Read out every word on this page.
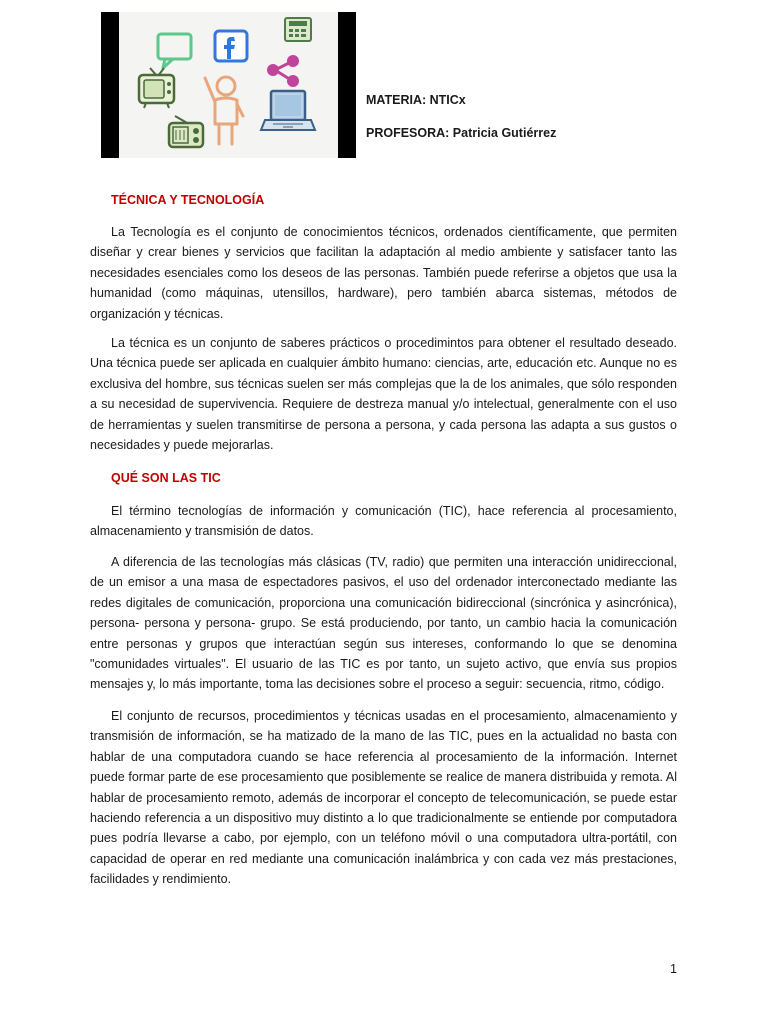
MATERIA: NTICx
PROFESORA: Patricia Gutiérrez
TÉCNICA Y TECNOLOGÍA

La Tecnología es el conjunto de conocimientos técnicos, ordenados científicamente, que permiten diseñar y crear bienes y servicios que facilitan la adaptación al medio ambiente y satisfacer tanto las necesidades esenciales como los deseos de las personas. También puede referirse a objetos que usa la humanidad (como máquinas, utensillos, hardware), pero también abarca sistemas, métodos de organización y técnicas.

La técnica es un conjunto de saberes prácticos o procedimintos para obtener el resultado deseado. Una técnica puede ser aplicada en cualquier ámbito humano: ciencias, arte, educación etc. Aunque no es exclusiva del hombre, sus técnicas suelen ser más complejas que la de los animales, que sólo responden a su necesidad de supervivencia. Requiere de destreza manual y/o intelectual, generalmente con el uso de herramientas y suelen transmitirse de persona a persona, y cada persona las adapta a sus gustos o necesidades y puede mejorarlas.

QUÉ SON LAS TIC

El término tecnologías de información y comunicación (TIC), hace referencia al procesamiento, almacenamiento y transmisión de datos.

A diferencia de las tecnologías más clásicas (TV, radio) que permiten una interacción unidireccional, de un emisor a una masa de espectadores pasivos, el uso del ordenador interconectado mediante las redes digitales de comunicación, proporciona una comunicación bidireccional (sincrónica y asincrónica), persona- persona y persona- grupo. Se está produciendo, por tanto, un cambio hacia la comunicación entre personas y grupos que interactúan según sus intereses, conformando lo que se denomina "comunidades virtuales". El usuario de las TIC es por tanto, un sujeto activo, que envía sus propios mensajes y, lo más importante, toma las decisiones sobre el proceso a seguir: secuencia, ritmo, código.

El conjunto de recursos, procedimientos y técnicas usadas en el procesamiento, almacenamiento y transmisión de información, se ha matizado de la mano de las TIC, pues en la actualidad no basta con hablar de una computadora cuando se hace referencia al procesamiento de la información. Internet puede formar parte de ese procesamiento que posiblemente se realice de manera distribuida y remota. Al hablar de procesamiento remoto, además de incorporar el concepto de telecomunicación, se puede estar haciendo referencia a un dispositivo muy distinto a lo que tradicionalmente se entiende por computadora pues podría llevarse a cabo, por ejemplo, con un teléfono móvil o una computadora ultra-portátil, con capacidad de operar en red mediante una comunicación inalámbrica y con cada vez más prestaciones, facilidades y rendimiento.

1
